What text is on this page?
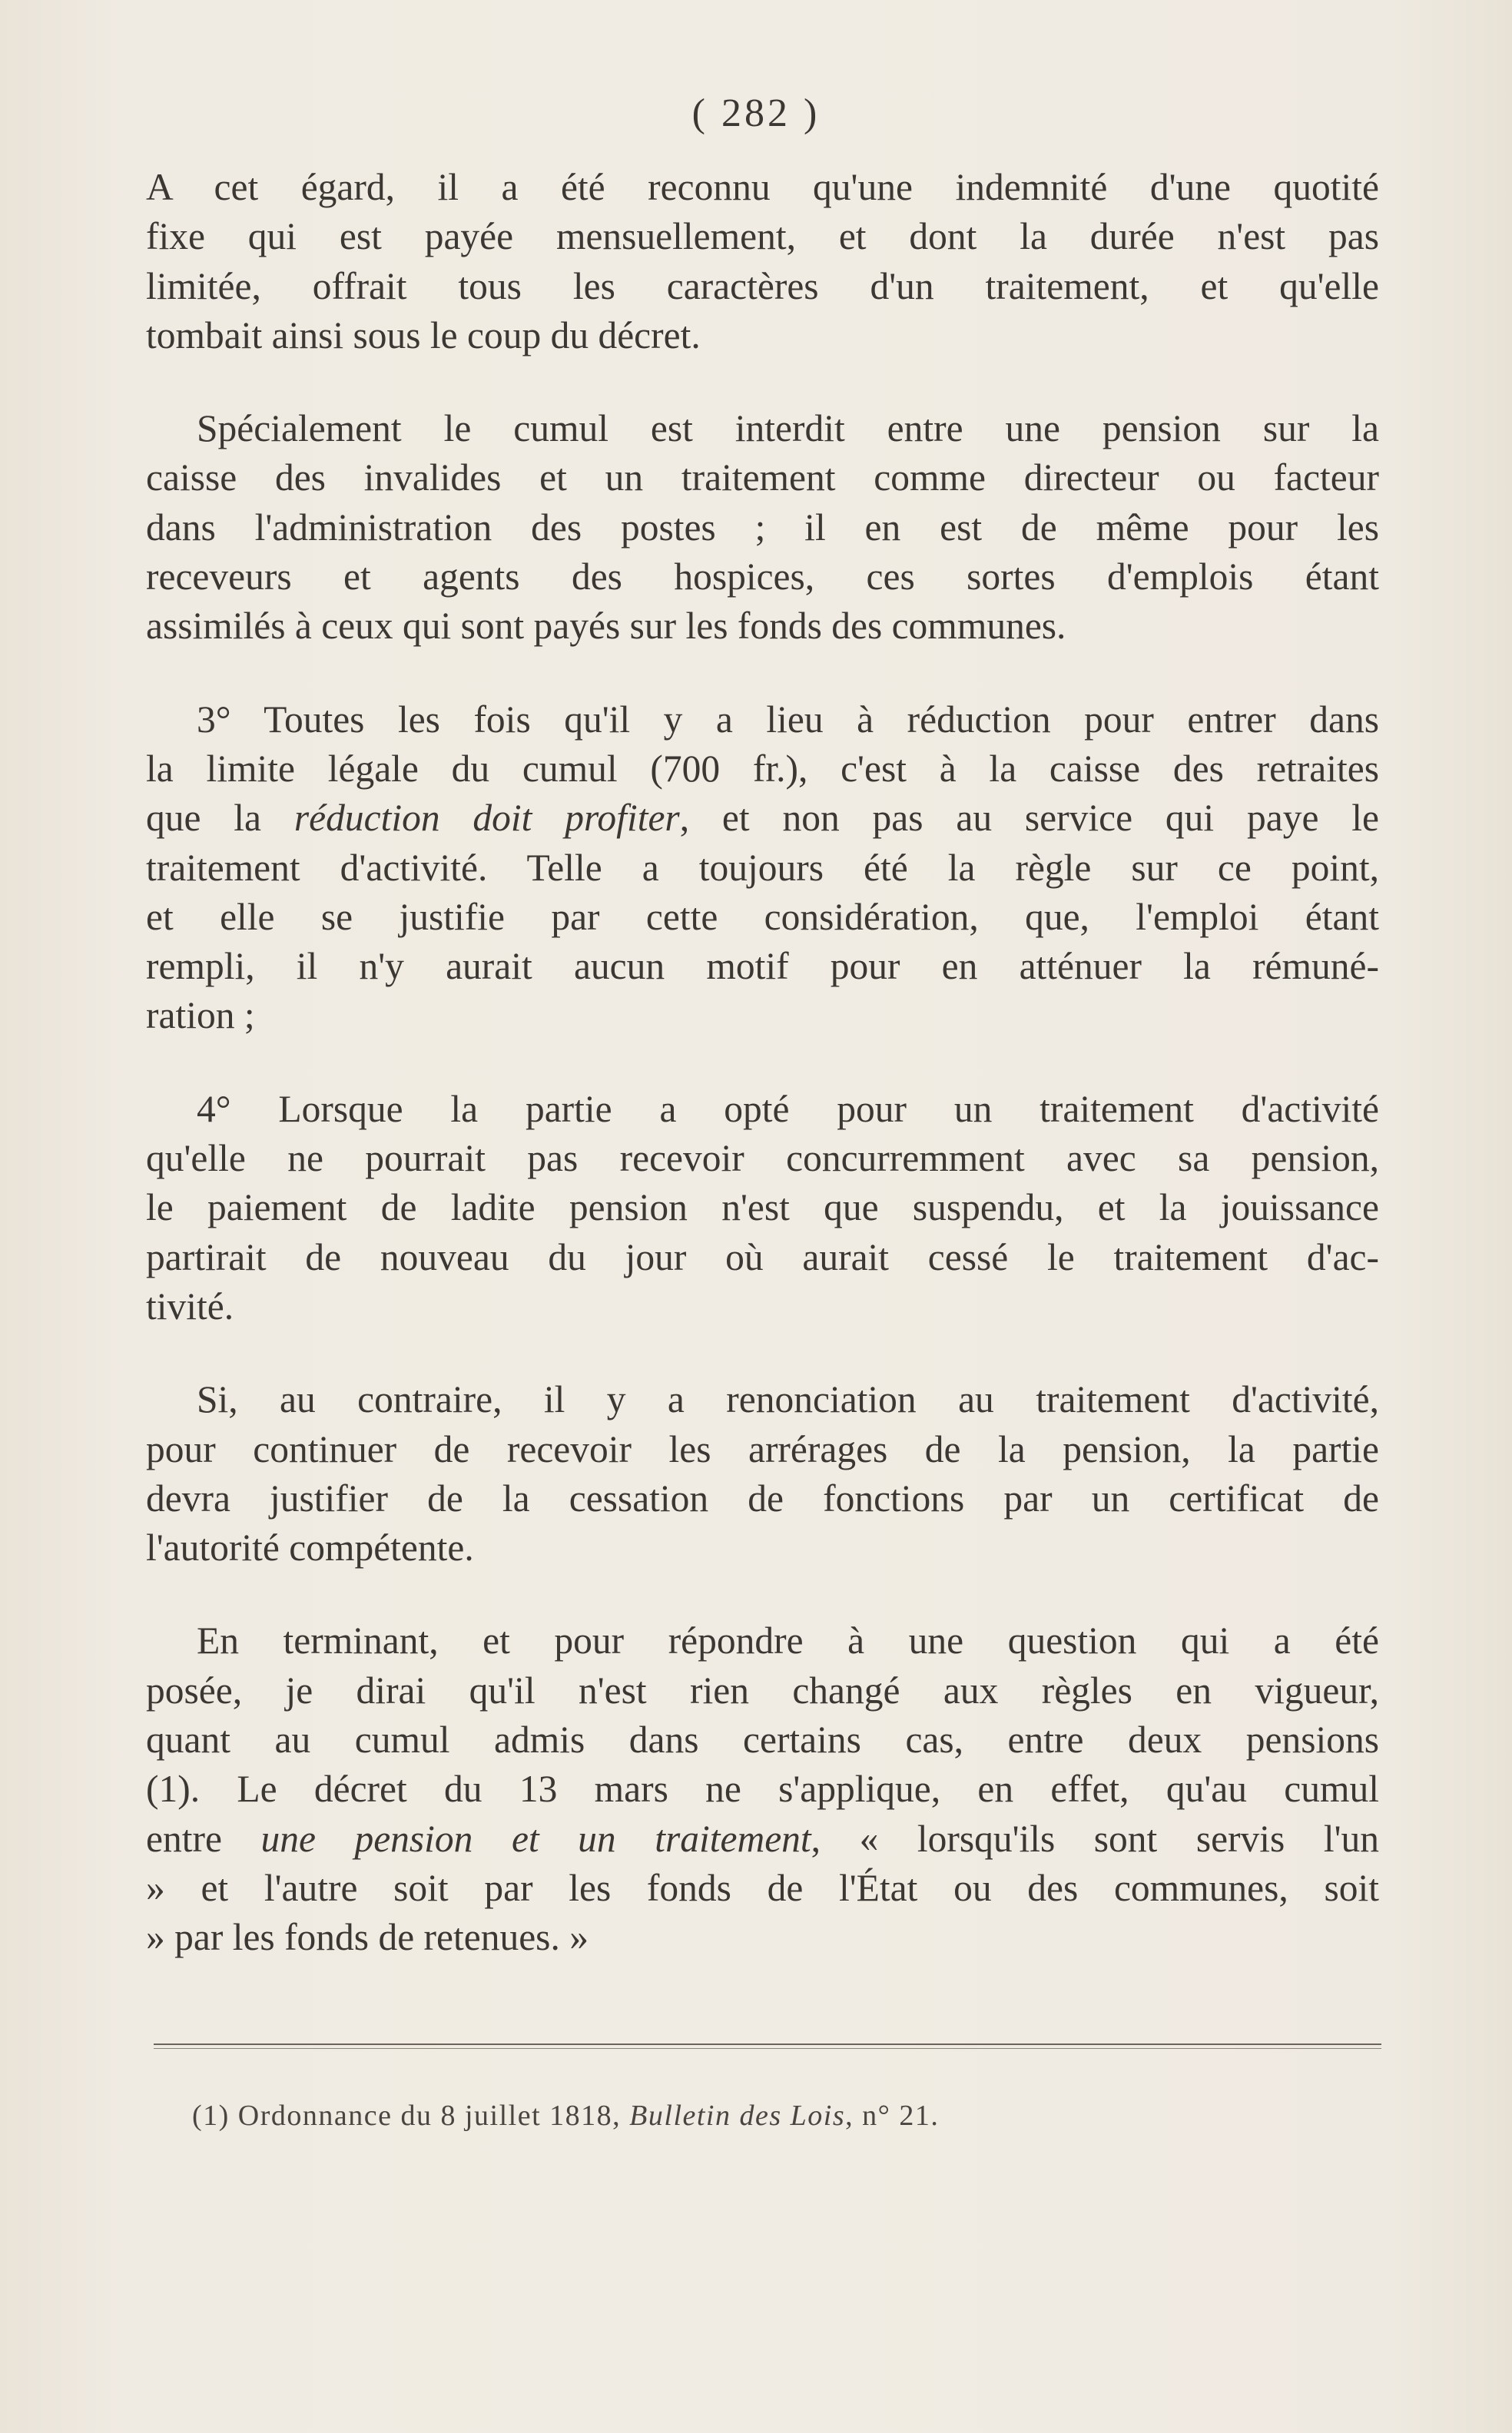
( 282 )

A cet égard, il a été reconnu qu'une indemnité d'une quotité
fixe qui est payée mensuellement, et dont la durée n'est pas
limitée, offrait tous les caractères d'un traitement, et qu'elle
tombait ainsi sous le coup du décret.

Spécialement le cumul est interdit entre une pension sur la
caisse des invalides et un traitement comme directeur ou facteur
dans l'administration des postes ; il en est de même pour les
receveurs et agents des hospices, ces sortes d'emplois étant
assimilés à ceux qui sont payés sur les fonds des communes.

3° Toutes les fois qu'il y a lieu à réduction pour entrer dans
la limite légale du cumul (700 fr.), c'est à la caisse des retraites
que la réduction doit profiter, et non pas au service qui paye le
traitement d'activité. Telle a toujours été la règle sur ce point,
et elle se justifie par cette considération, que, l'emploi étant
rempli, il n'y aurait aucun motif pour en atténuer la rémuné-
ration ;

4° Lorsque la partie a opté pour un traitement d'activité
qu'elle ne pourrait pas recevoir concurremment avec sa pension,
le paiement de ladite pension n'est que suspendu, et la jouissance
partirait de nouveau du jour où aurait cessé le traitement d'ac-
tivité.

Si, au contraire, il y a renonciation au traitement d'activité,
pour continuer de recevoir les arrérages de la pension, la partie
devra justifier de la cessation de fonctions par un certificat de
l'autorité compétente.

En terminant, et pour répondre à une question qui a été
posée, je dirai qu'il n'est rien changé aux règles en vigueur,
quant au cumul admis dans certains cas, entre deux pensions
(1). Le décret du 13 mars ne s'applique, en effet, qu'au cumul
entre une pension et un traitement, « lorsqu'ils sont servis l'un
» et l'autre soit par les fonds de l'État ou des communes, soit
» par les fonds de retenues. »

(1) Ordonnance du 8 juillet 1818, Bulletin des Lois, n° 21.
